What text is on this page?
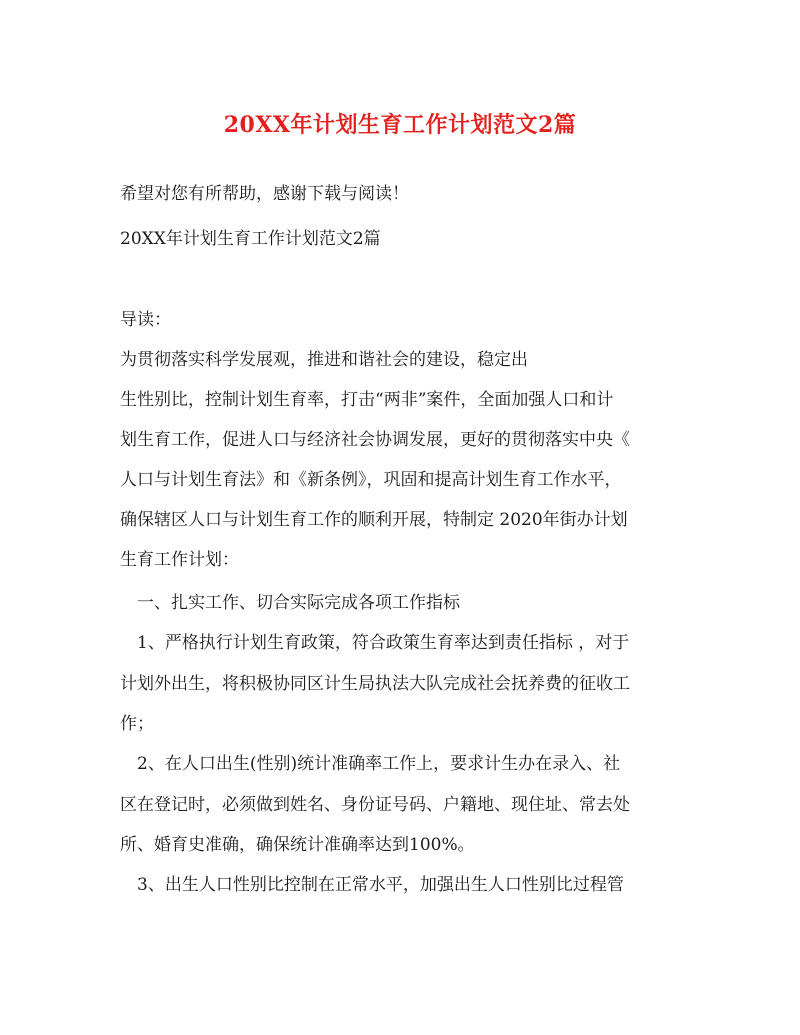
20XX年计划生育工作计划范文2篇
希望对您有所帮助，感谢下载与阅读！
20XX年计划生育工作计划范文2篇
导读：
为贯彻落实科学发展观，推进和谐社会的建设，稳定出
生性别比，控制计划生育率，打击“两非”案件，全面加强人口和计
划生育工作，促进人口与经济社会协调发展，更好的贯彻落实中央《
人口与计划生育法》和《新条例》，巩固和提高计划生育工作水平，
确保辖区人口与计划生育工作的顺利开展，特制定 2020年街办计划
生育工作计划：
一、扎实工作、切合实际完成各项工作指标
1、严格执行计划生育政策，符合政策生育率达到责任指标 ，对于
计划外出生，将积极协同区计生局执法大队完成社会抚养费的征收工
作；
2、在人口出生(性别)统计准确率工作上，要求计生办在录入、社
区在登记时，必须做到姓名、身份证号码、户籍地、现住址、常去处
所、婚育史准确，确保统计准确率达到100%。
3、出生人口性别比控制在正常水平，加强出生人口性别比过程管
